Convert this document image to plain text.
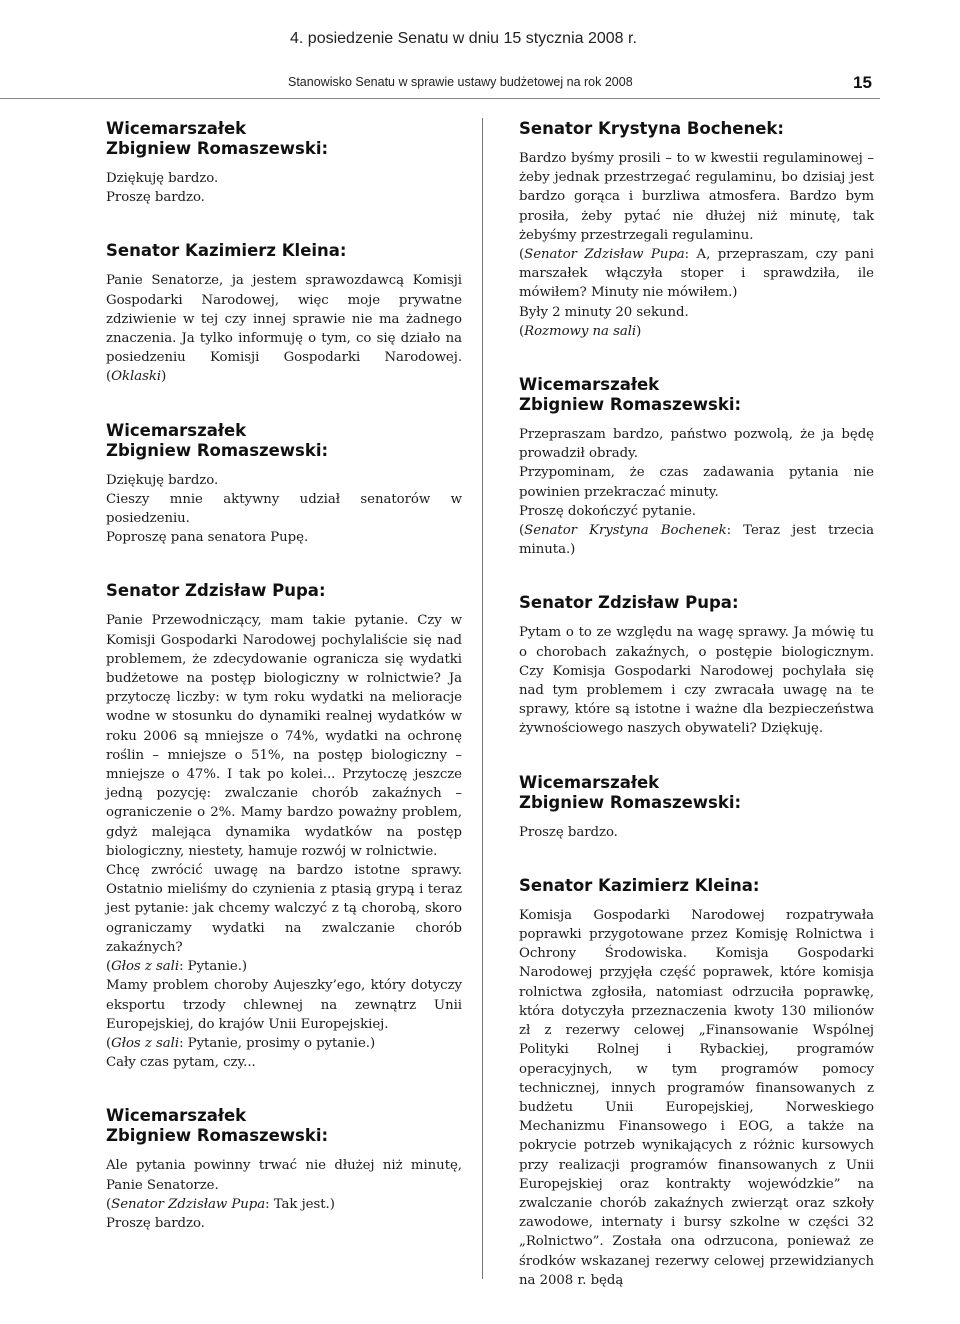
4. posiedzenie Senatu w dniu 15 stycznia 2008 r.
Stanowisko Senatu w sprawie ustawy budżetowej na rok 2008	15
Wicemarszałek
Zbigniew Romaszewski:

Dziękuję bardzo.

Proszę bardzo.

Senator Kazimierz Kleina:

Panie Senatorze, ja jestem sprawozdawcą Komisji Gospodarki Narodowej, więc moje prywatne zdziwienie w tej czy innej sprawie nie ma żadnego znaczenia. Ja tylko informuję o tym, co się działo na posiedzeniu Komisji Gospodarki Narodowej. (Oklaski)

Wicemarszałek
Zbigniew Romaszewski:

Dziękuję bardzo.

Cieszy mnie aktywny udział senatorów w posiedzeniu.

Poproszę pana senatora Pupę.

Senator Zdzisław Pupa:

Panie Przewodniczący, mam takie pytanie. Czy w Komisji Gospodarki Narodowej pochylaliście się nad problemem, że zdecydowanie ogranicza się wydatki budżetowe na postęp biologiczny w rolnictwie? Ja przytoczę liczby: w tym roku wydatki na melioracje wodne w stosunku do dynamiki realnej wydatków w roku 2006 są mniejsze o 74%, wydatki na ochronę roślin – mniejsze o 51%, na postęp biologiczny – mniejsze o 47%. I tak po kolei... Przytoczę jeszcze jedną pozycję: zwalczanie chorób zakaźnych – ograniczenie o 2%. Mamy bardzo poważny problem, gdyż malejąca dynamika wydatków na postęp biologiczny, niestety, hamuje rozwój w rolnictwie.

Chcę zwrócić uwagę na bardzo istotne sprawy. Ostatnio mieliśmy do czynienia z ptasią grypą i teraz jest pytanie: jak chcemy walczyć z tą chorobą, skoro ograniczamy wydatki na zwalczanie chorób zakaźnych?

(Głos z sali: Pytanie.)

Mamy problem choroby Aujeszky’ego, który dotyczy eksportu trzody chlewnej na zewnątrz Unii Europejskiej, do krajów Unii Europejskiej.

(Głos z sali: Pytanie, prosimy o pytanie.)

Cały czas pytam, czy...

Wicemarszałek
Zbigniew Romaszewski:

Ale pytania powinny trwać nie dłużej niż minutę, Panie Senatorze.

(Senator Zdzisław Pupa: Tak jest.)

Proszę bardzo.

Senator Krystyna Bochenek:

Bardzo byśmy prosili – to w kwestii regulaminowej – żeby jednak przestrzegać regulaminu, bo dzisiaj jest bardzo gorąca i burzliwa atmosfera. Bardzo bym prosiła, żeby pytać nie dłużej niż minutę, tak żebyśmy przestrzegali regulaminu.

(Senator Zdzisław Pupa: A, przepraszam, czy pani marszałek włączyła stoper i sprawdziła, ile mówiłem? Minuty nie mówiłem.)

Były 2 minuty 20 sekund.

(Rozmowy na sali)

Wicemarszałek
Zbigniew Romaszewski:

Przepraszam bardzo, państwo pozwolą, że ja będę prowadził obrady.

Przypominam, że czas zadawania pytania nie powinien przekraczać minuty.

Proszę dokończyć pytanie.

(Senator Krystyna Bochenek: Teraz jest trzecia minuta.)

Senator Zdzisław Pupa:

Pytam o to ze względu na wagę sprawy. Ja mówię tu o chorobach zakaźnych, o postępie biologicznym. Czy Komisja Gospodarki Narodowej pochylała się nad tym problemem i czy zwracała uwagę na te sprawy, które są istotne i ważne dla bezpieczeństwa żywnościowego naszych obywateli? Dziękuję.

Wicemarszałek
Zbigniew Romaszewski:

Proszę bardzo.

Senator Kazimierz Kleina:

Komisja Gospodarki Narodowej rozpatrywała poprawki przygotowane przez Komisję Rolnictwa i Ochrony Środowiska. Komisja Gospodarki Narodowej przyjęła część poprawek, które komisja rolnictwa zgłosiła, natomiast odrzuciła poprawkę, która dotyczyła przeznaczenia kwoty 130 milionów zł z rezerwy celowej „Finansowanie Wspólnej Polityki Rolnej i Rybackiej, programów operacyjnych, w tym programów pomocy technicznej, innych programów finansowanych z budżetu Unii Europejskiej, Norweskiego Mechanizmu Finansowego i EOG, a także na pokrycie potrzeb wynikających z różnic kursowych przy realizacji programów finansowanych z Unii Europejskiej oraz kontrakty wojewódzkie” na zwalczanie chorób zakaźnych zwierząt oraz szkoły zawodowe, internaty i bursy szkolne w części 32 „Rolnictwo”. Została ona odrzucona, ponieważ ze środków wskazanej rezerwy celowej przewidzianych na 2008 r. będą
